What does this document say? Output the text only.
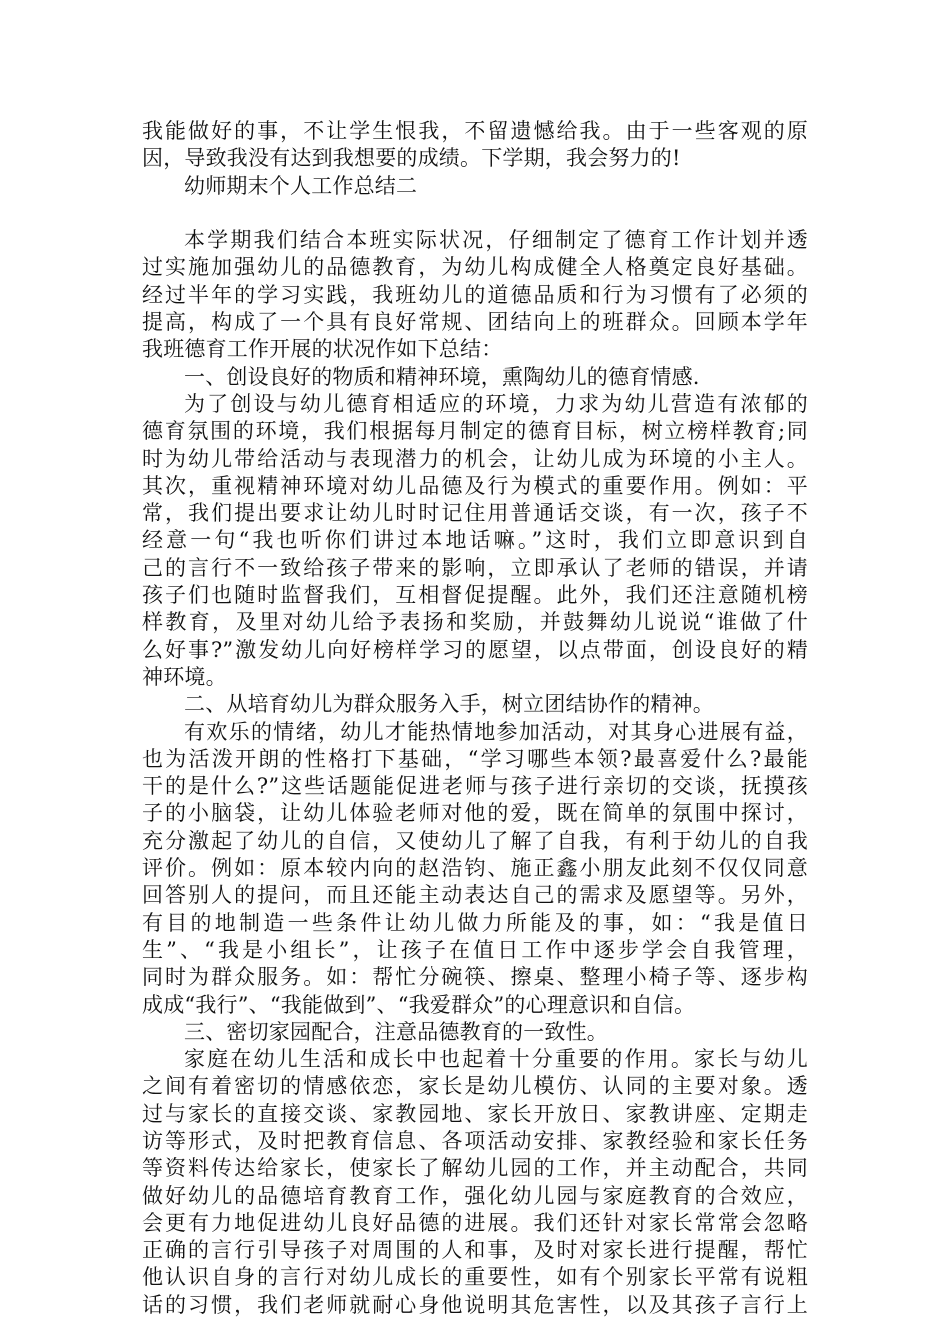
我能做好的事，不让学生恨我，不留遗憾给我。由于一些客观的原
因，导致我没有达到我想要的成绩。下学期，我会努力的!
幼师期末个人工作总结二
本学期我们结合本班实际状况，仔细制定了德育工作计划并透
过实施加强幼儿的品德教育，为幼儿构成健全人格奠定良好基础。
经过半年的学习实践，我班幼儿的道德品质和行为习惯有了必须的
提高，构成了一个具有良好常规、团结向上的班群众。回顾本学年
我班德育工作开展的状况作如下总结：
一、创设良好的物质和精神环境，熏陶幼儿的德育情感.
为了创设与幼儿德育相适应的环境，力求为幼儿营造有浓郁的
德育氛围的环境，我们根据每月制定的德育目标，树立榜样教育;同
时为幼儿带给活动与表现潜力的机会，让幼儿成为环境的小主人。
其次，重视精神环境对幼儿品德及行为模式的重要作用。例如：平
常，我们提出要求让幼儿时时记住用普通话交谈，有一次，孩子不
经意一句“我也听你们讲过本地话嘛。”这时，我们立即意识到自
己的言行不一致给孩子带来的影响，立即承认了老师的错误，并请
孩子们也随时监督我们，互相督促提醒。此外，我们还注意随机榜
样教育，及里对幼儿给予表扬和奖励，并鼓舞幼儿说说“谁做了什
么好事?”激发幼儿向好榜样学习的愿望，以点带面，创设良好的精
神环境。
二、从培育幼儿为群众服务入手，树立团结协作的精神。
有欢乐的情绪，幼儿才能热情地参加活动，对其身心进展有益，
也为活泼开朗的性格打下基础，“学习哪些本领?最喜爱什么?最能
干的是什么?”这些话题能促进老师与孩子进行亲切的交谈，抚摸孩
子的小脑袋，让幼儿体验老师对他的爱，既在简单的氛围中探讨，
充分激起了幼儿的自信，又使幼儿了解了自我，有利于幼儿的自我
评价。例如：原本较内向的赵浩钧、施正鑫小朋友此刻不仅仅同意
回答别人的提问，而且还能主动表达自己的需求及愿望等。另外，
有目的地制造一些条件让幼儿做力所能及的事，如：“我是值日
生”、“我是小组长”，让孩子在值日工作中逐步学会自我管理，
同时为群众服务。如：帮忙分碗筷、擦桌、整理小椅子等、逐步构
成成“我行”、“我能做到”、“我爱群众”的心理意识和自信。
三、密切家园配合，注意品德教育的一致性。
家庭在幼儿生活和成长中也起着十分重要的作用。家长与幼儿
之间有着密切的情感依恋，家长是幼儿模仿、认同的主要对象。透
过与家长的直接交谈、家教园地、家长开放日、家教讲座、定期走
访等形式，及时把教育信息、各项活动安排、家教经验和家长任务
等资料传达给家长，使家长了解幼儿园的工作，并主动配合，共同
做好幼儿的品德培育教育工作，强化幼儿园与家庭教育的合效应，
会更有力地促进幼儿良好品德的进展。我们还针对家长常常会忽略
正确的言行引导孩子对周围的人和事，及时对家长进行提醒，帮忙
他认识自身的言行对幼儿成长的重要性，如有个别家长平常有说粗
话的习惯，我们老师就耐心身他说明其危害性，以及其孩子言行上
